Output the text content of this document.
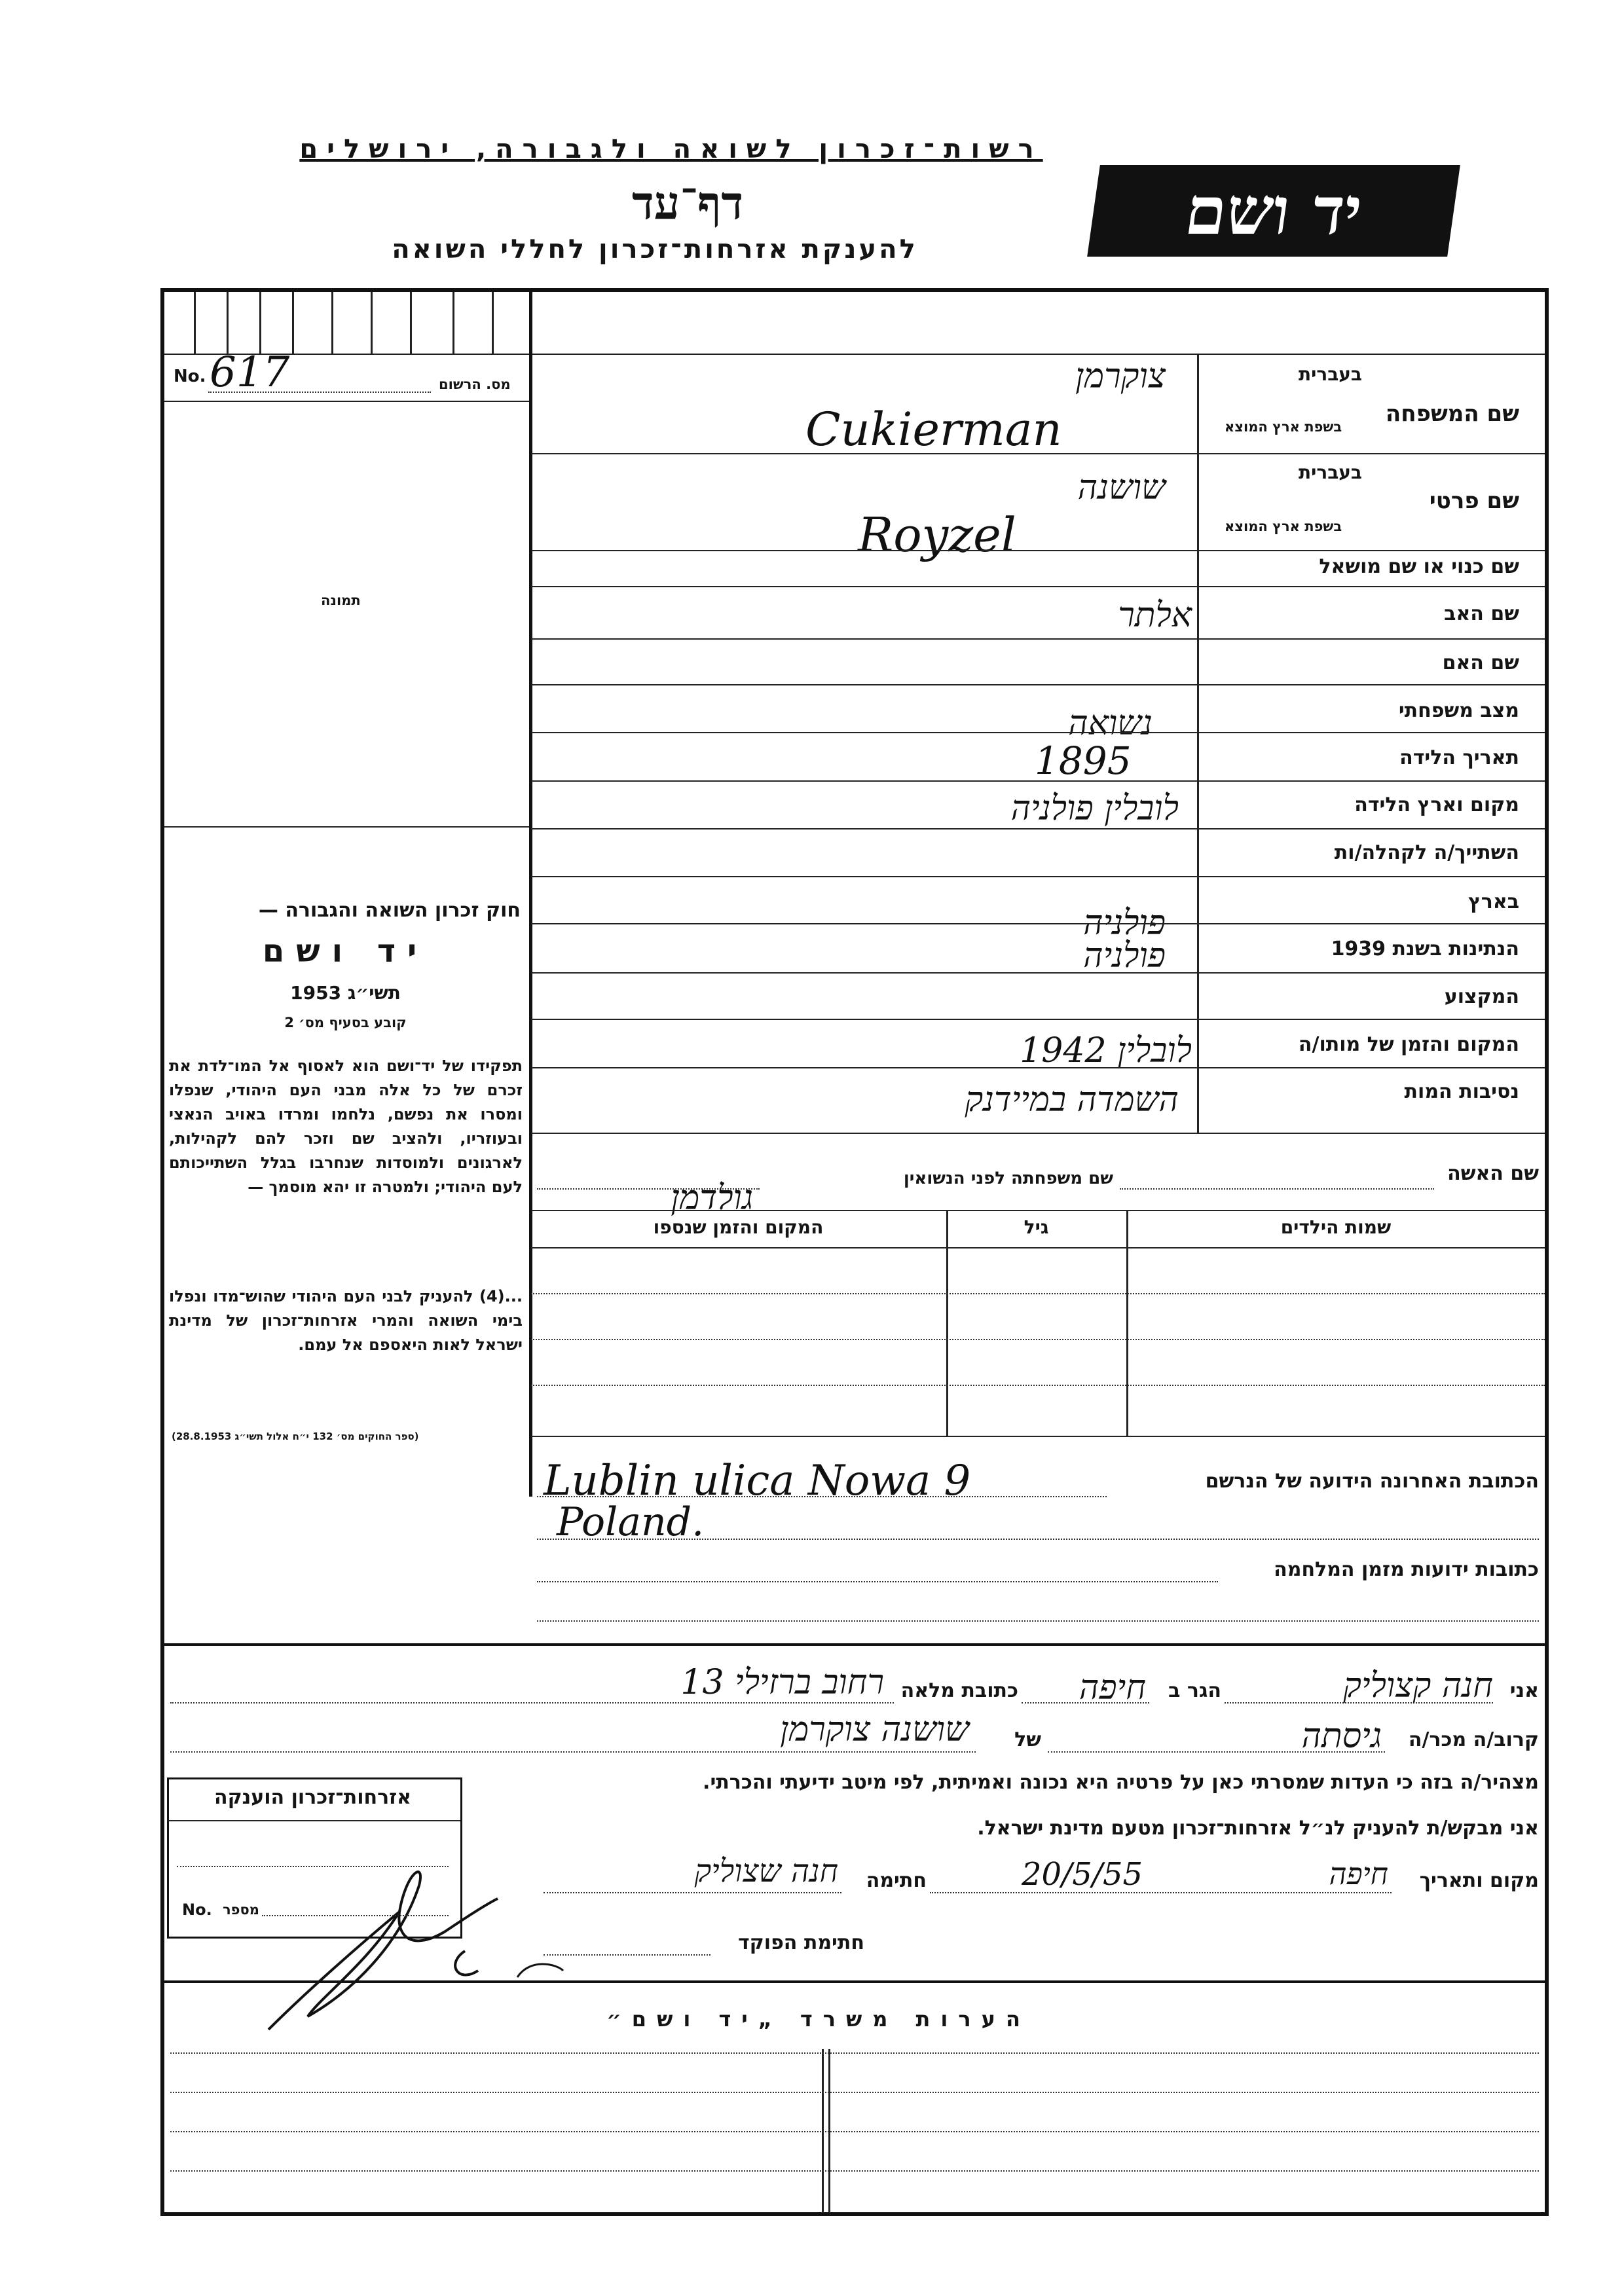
רשות־זכרון לשואה ולגבורה, ירושלים
דף־עד
להענקת אזרחות־זכרון לחללי השואה	יד ושם
No. 617	מס. הרשום
תמונה
חוק זכרון השואה והגבורה —
יד ושם
תשי״ג 1953
קובע בסעיף מס׳ 2
תפקידו של יד־ושם הוא לאסוף אל המו־לדת את זכרם של כל אלה מבני העם היהודי, שנפלו ומסרו את נפשם, נלחמו ומרדו באויב הנאצי ובעוזריו, ולהציב שם וזכר להם לקהילות, לארגונים ולמוסדות שנחרבו בגלל השתייכותם לעם היהודי; ולמטרה זו יהא מוסמך —
...(4) להעניק לבני העם היהודי שהוש־מדו ונפלו בימי השואה והמרי אזרחות־זכרון של מדינת ישראל לאות היאספם אל עמם.
(ספר החוקים מס׳ 132 י״ח אלול תשי״ג 28.8.1953)
שם המשפחה
בעברית
בשפת ארץ המוצא
צוקרמן
Cukierman
שם פרטי
בעברית
בשפת ארץ המוצא
שושנה
Royzel
שם כנוי או שם מושאל
שם האב
אלתר
שם האם
מצב משפחתי
נשואה
תאריך הלידה
1895
מקום וארץ הלידה
לובלין פולניה
השתייך/ה לקהלה/ות
בארץ
פולניה
הנתינות בשנת 1939
פולניה
המקצוע
המקום והזמן של מותו/ה
לובלין 1942
נסיבות המות
השמדה במיידנק
שם האשה
שם משפחתה לפני הנשואין
גולדמן
שמות הילדים
גיל
המקום והזמן שנספו
הכתובת האחרונה הידועה של הנרשם
Lublin ulica Nowa 9
Poland.
כתובות ידועות מזמן המלחמה
אני
חנה קצוליק
הגר ב
חיפה
כתובת מלאה
רחוב ברזילי 13
קרוב/ה מכר/ה
גיסתה
של
שושנה צוקרמן
מצהיר/ה בזה כי העדות שמסרתי כאן על פרטיה היא נכונה ואמיתית, לפי מיטב ידיעתי והכרתי.
אני מבקש/ת להעניק לנ״ל אזרחות־זכרון מטעם מדינת ישראל.
מקום ותאריך
חיפה
20/5/55
חתימה
חנה שצוליק
חתימת הפוקד
אזרחות־זכרון הוענקה
No. מספר
הערות משרד „יד ושם״
